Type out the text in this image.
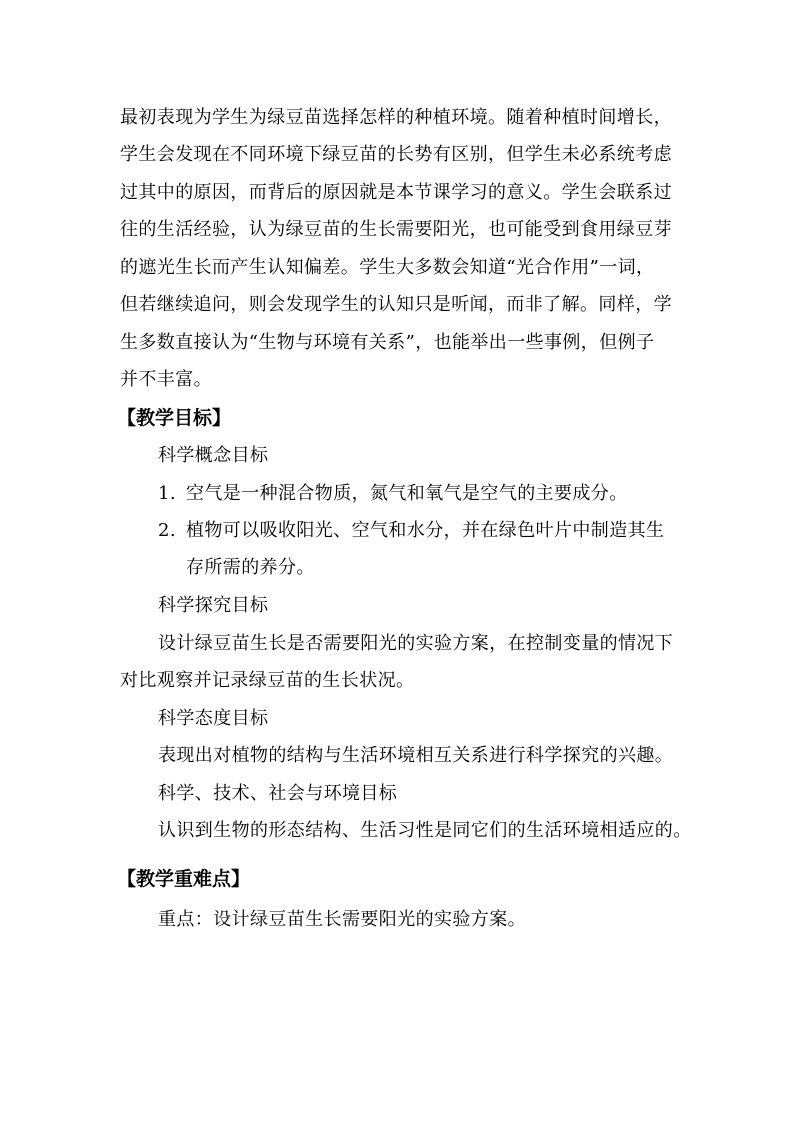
最初表现为学生为绿豆苗选择怎样的种植环境。随着种植时间增长，
学生会发现在不同环境下绿豆苗的长势有区别，但学生未必系统考虑
过其中的原因，而背后的原因就是本节课学习的意义。学生会联系过
往的生活经验，认为绿豆苗的生长需要阳光，也可能受到食用绿豆芽
的遮光生长而产生认知偏差。学生大多数会知道“光合作用”一词，
但若继续追问，则会发现学生的认知只是听闻，而非了解。同样，学
生多数直接认为“生物与环境有关系”，也能举出一些事例，但例子
并不丰富。
【教学目标】
科学概念目标
1. 空气是一种混合物质，氮气和氧气是空气的主要成分。
2. 植物可以吸收阳光、空气和水分，并在绿色叶片中制造其生
存所需的养分。
科学探究目标
设计绿豆苗生长是否需要阳光的实验方案，在控制变量的情况下
对比观察并记录绿豆苗的生长状况。
科学态度目标
表现出对植物的结构与生活环境相互关系进行科学探究的兴趣。
科学、技术、社会与环境目标
认识到生物的形态结构、生活习性是同它们的生活环境相适应的。
【教学重难点】
重点：设计绿豆苗生长需要阳光的实验方案。
